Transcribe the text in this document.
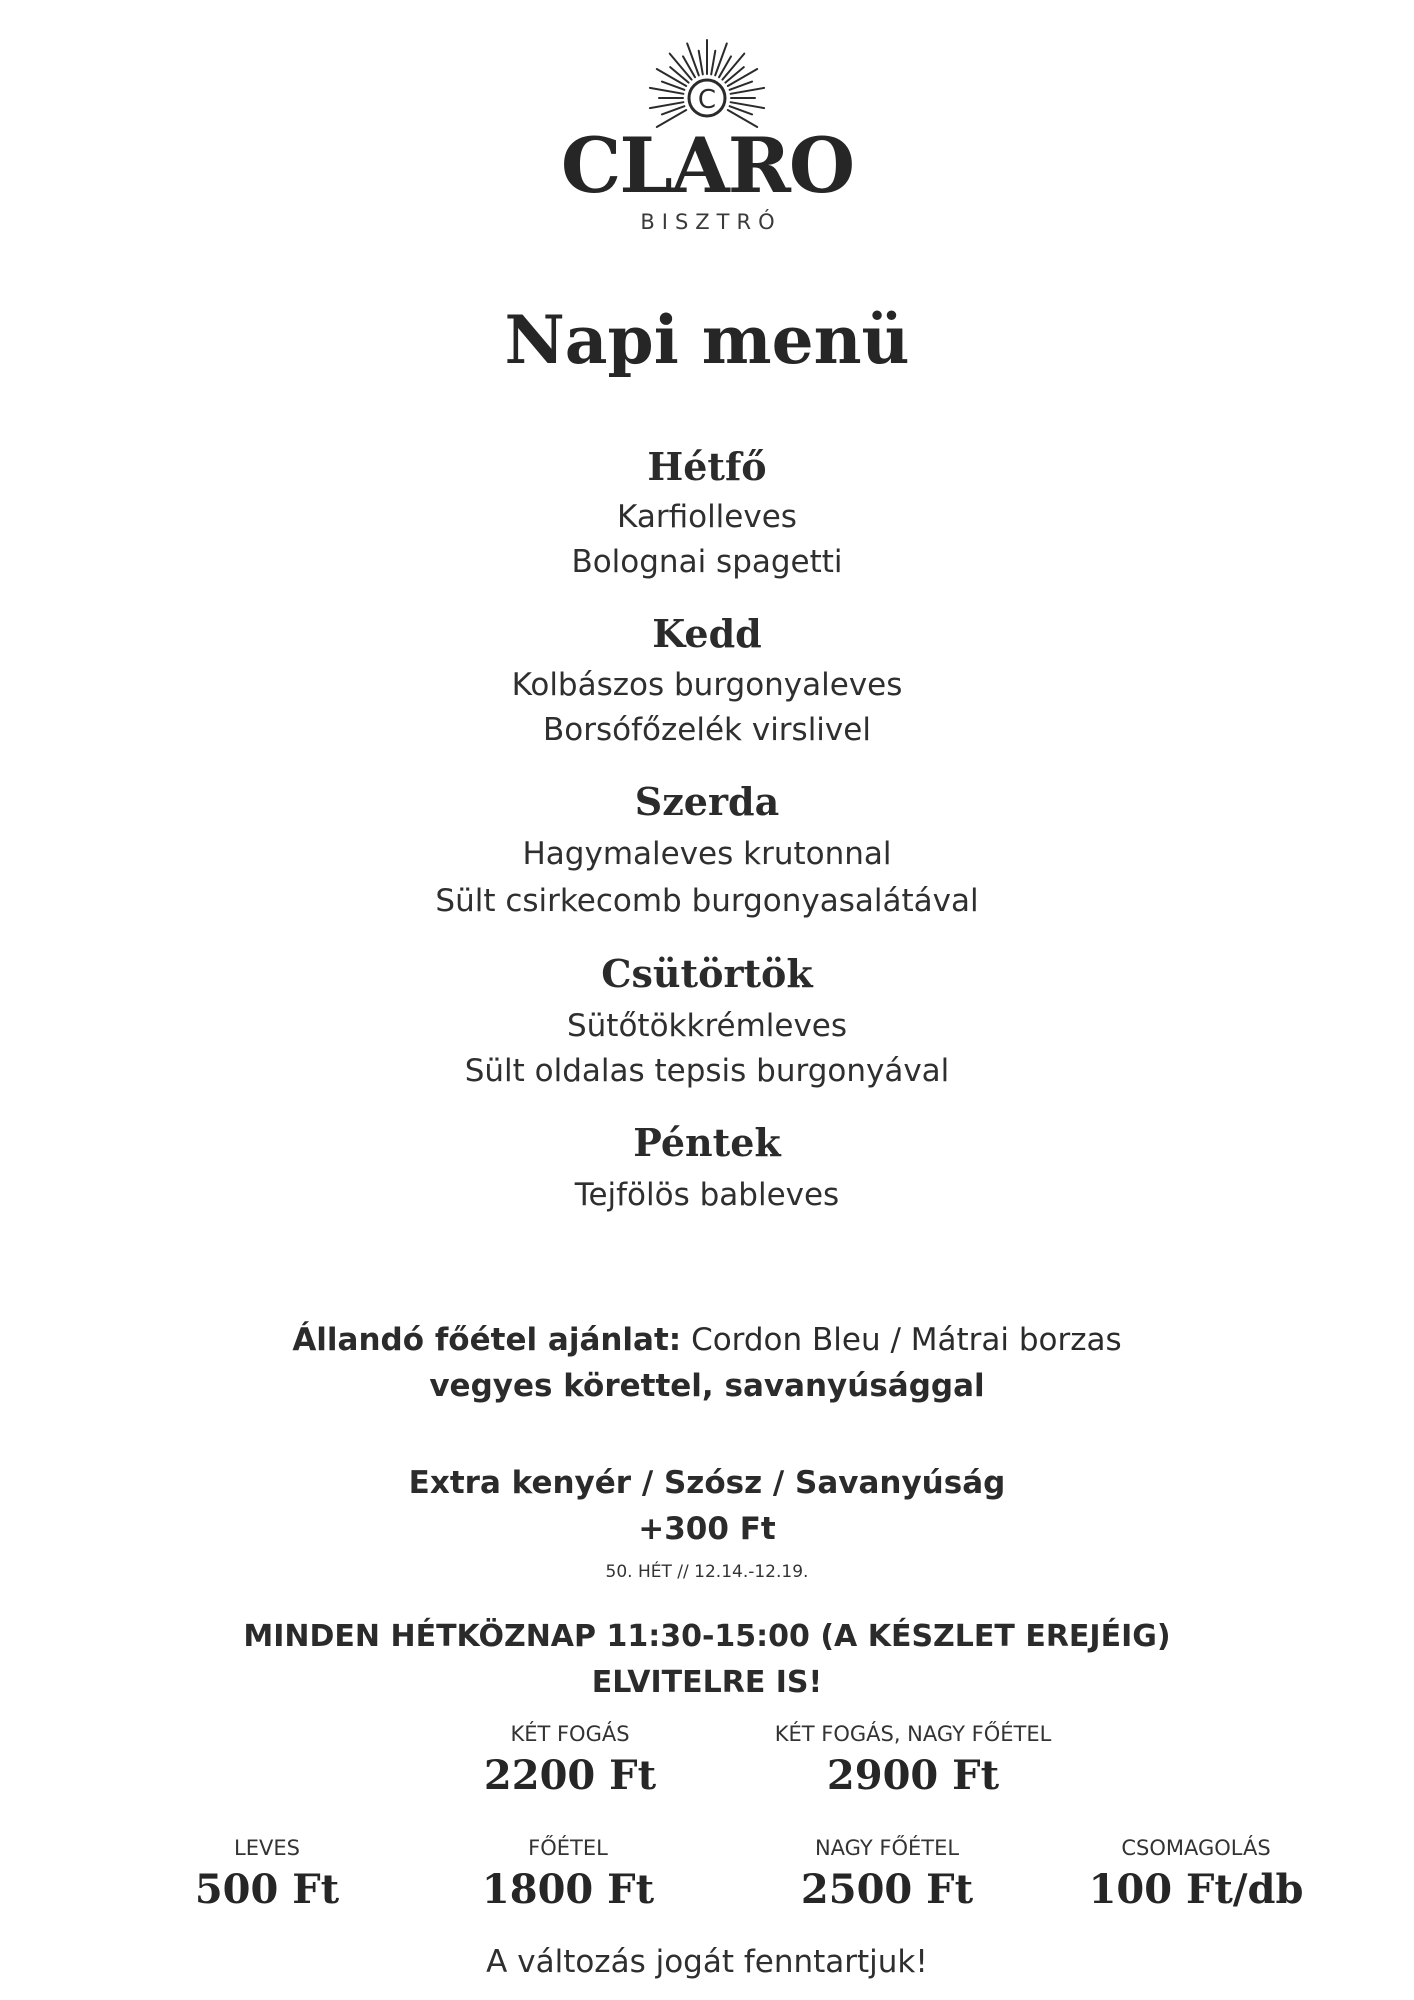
C
CLARO
BISZTRÓ
Napi menü
Hétfő
Karfiolleves
Bolognai spagetti
Kedd
Kolbászos burgonyaleves
Borsófőzelék virslivel
Szerda
Hagymaleves krutonnal
Sült csirkecomb burgonyasalátával
Csütörtök
Sütőtökkrémleves
Sült oldalas tepsis burgonyával
Péntek
Tejfölös bableves
Állandó főétel ajánlat: Cordon Bleu / Mátrai borzas
vegyes körettel, savanyúsággal
Extra kenyér / Szósz / Savanyúság
+300 Ft
50. HÉT // 12.14.-12.19.
MINDEN HÉTKÖZNAP 11:30-15:00 (A KÉSZLET EREJÉIG)
ELVITELRE IS!
KÉT FOGÁS
2200 Ft
KÉT FOGÁS, NAGY FŐÉTEL
2900 Ft
LEVES
500 Ft
FŐÉTEL
1800 Ft
NAGY FŐÉTEL
2500 Ft
CSOMAGOLÁS
100 Ft/db
A változás jogát fenntartjuk!
